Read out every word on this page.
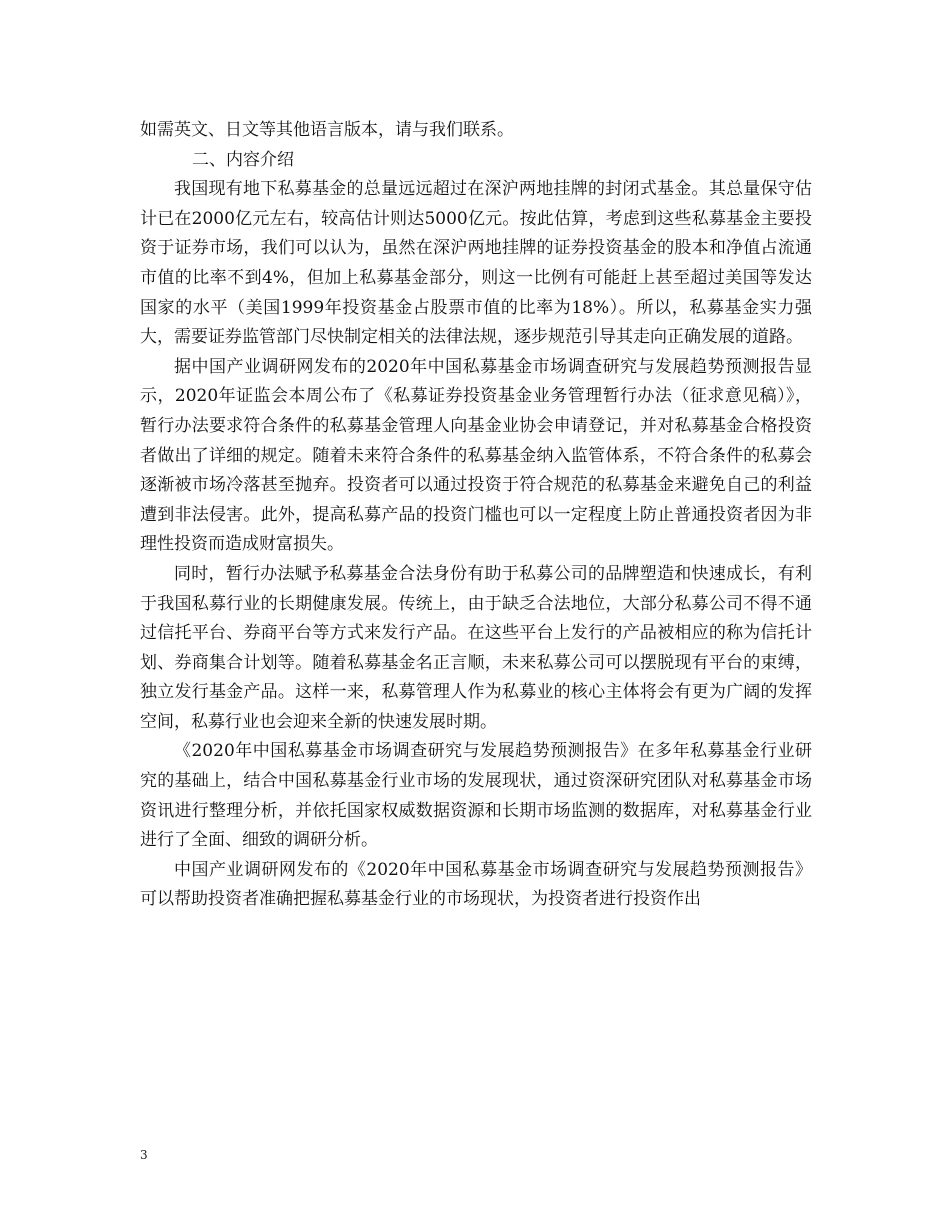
如需英文、日文等其他语言版本，请与我们联系。

二、内容介绍

我国现有地下私募基金的总量远远超过在深沪两地挂牌的封闭式基金。其总量保守估计已在2000亿元左右，较高估计则达5000亿元。按此估算，考虑到这些私募基金主要投资于证券市场，我们可以认为，虽然在深沪两地挂牌的证券投资基金的股本和净值占流通市值的比率不到4%，但加上私募基金部分，则这一比例有可能赶上甚至超过美国等发达国家的水平（美国1999年投资基金占股票市值的比率为18%）。所以，私募基金实力强大，需要证券监管部门尽快制定相关的法律法规，逐步规范引导其走向正确发展的道路。

据中国产业调研网发布的2020年中国私募基金市场调查研究与发展趋势预测报告显示，2020年证监会本周公布了《私募证券投资基金业务管理暂行办法（征求意见稿）》，暂行办法要求符合条件的私募基金管理人向基金业协会申请登记，并对私募基金合格投资者做出了详细的规定。随着未来符合条件的私募基金纳入监管体系，不符合条件的私募会逐渐被市场冷落甚至抛弃。投资者可以通过投资于符合规范的私募基金来避免自己的利益遭到非法侵害。此外，提高私募产品的投资门槛也可以一定程度上防止普通投资者因为非理性投资而造成财富损失。

同时，暂行办法赋予私募基金合法身份有助于私募公司的品牌塑造和快速成长，有利于我国私募行业的长期健康发展。传统上，由于缺乏合法地位，大部分私募公司不得不通过信托平台、券商平台等方式来发行产品。在这些平台上发行的产品被相应的称为信托计划、券商集合计划等。随着私募基金名正言顺，未来私募公司可以摆脱现有平台的束缚，独立发行基金产品。这样一来，私募管理人作为私募业的核心主体将会有更为广阔的发挥空间，私募行业也会迎来全新的快速发展时期。

《2020年中国私募基金市场调查研究与发展趋势预测报告》在多年私募基金行业研究的基础上，结合中国私募基金行业市场的发展现状，通过资深研究团队对私募基金市场资讯进行整理分析，并依托国家权威数据资源和长期市场监测的数据库，对私募基金行业进行了全面、细致的调研分析。

中国产业调研网发布的《2020年中国私募基金市场调查研究与发展趋势预测报告》可以帮助投资者准确把握私募基金行业的市场现状，为投资者进行投资作出

3
